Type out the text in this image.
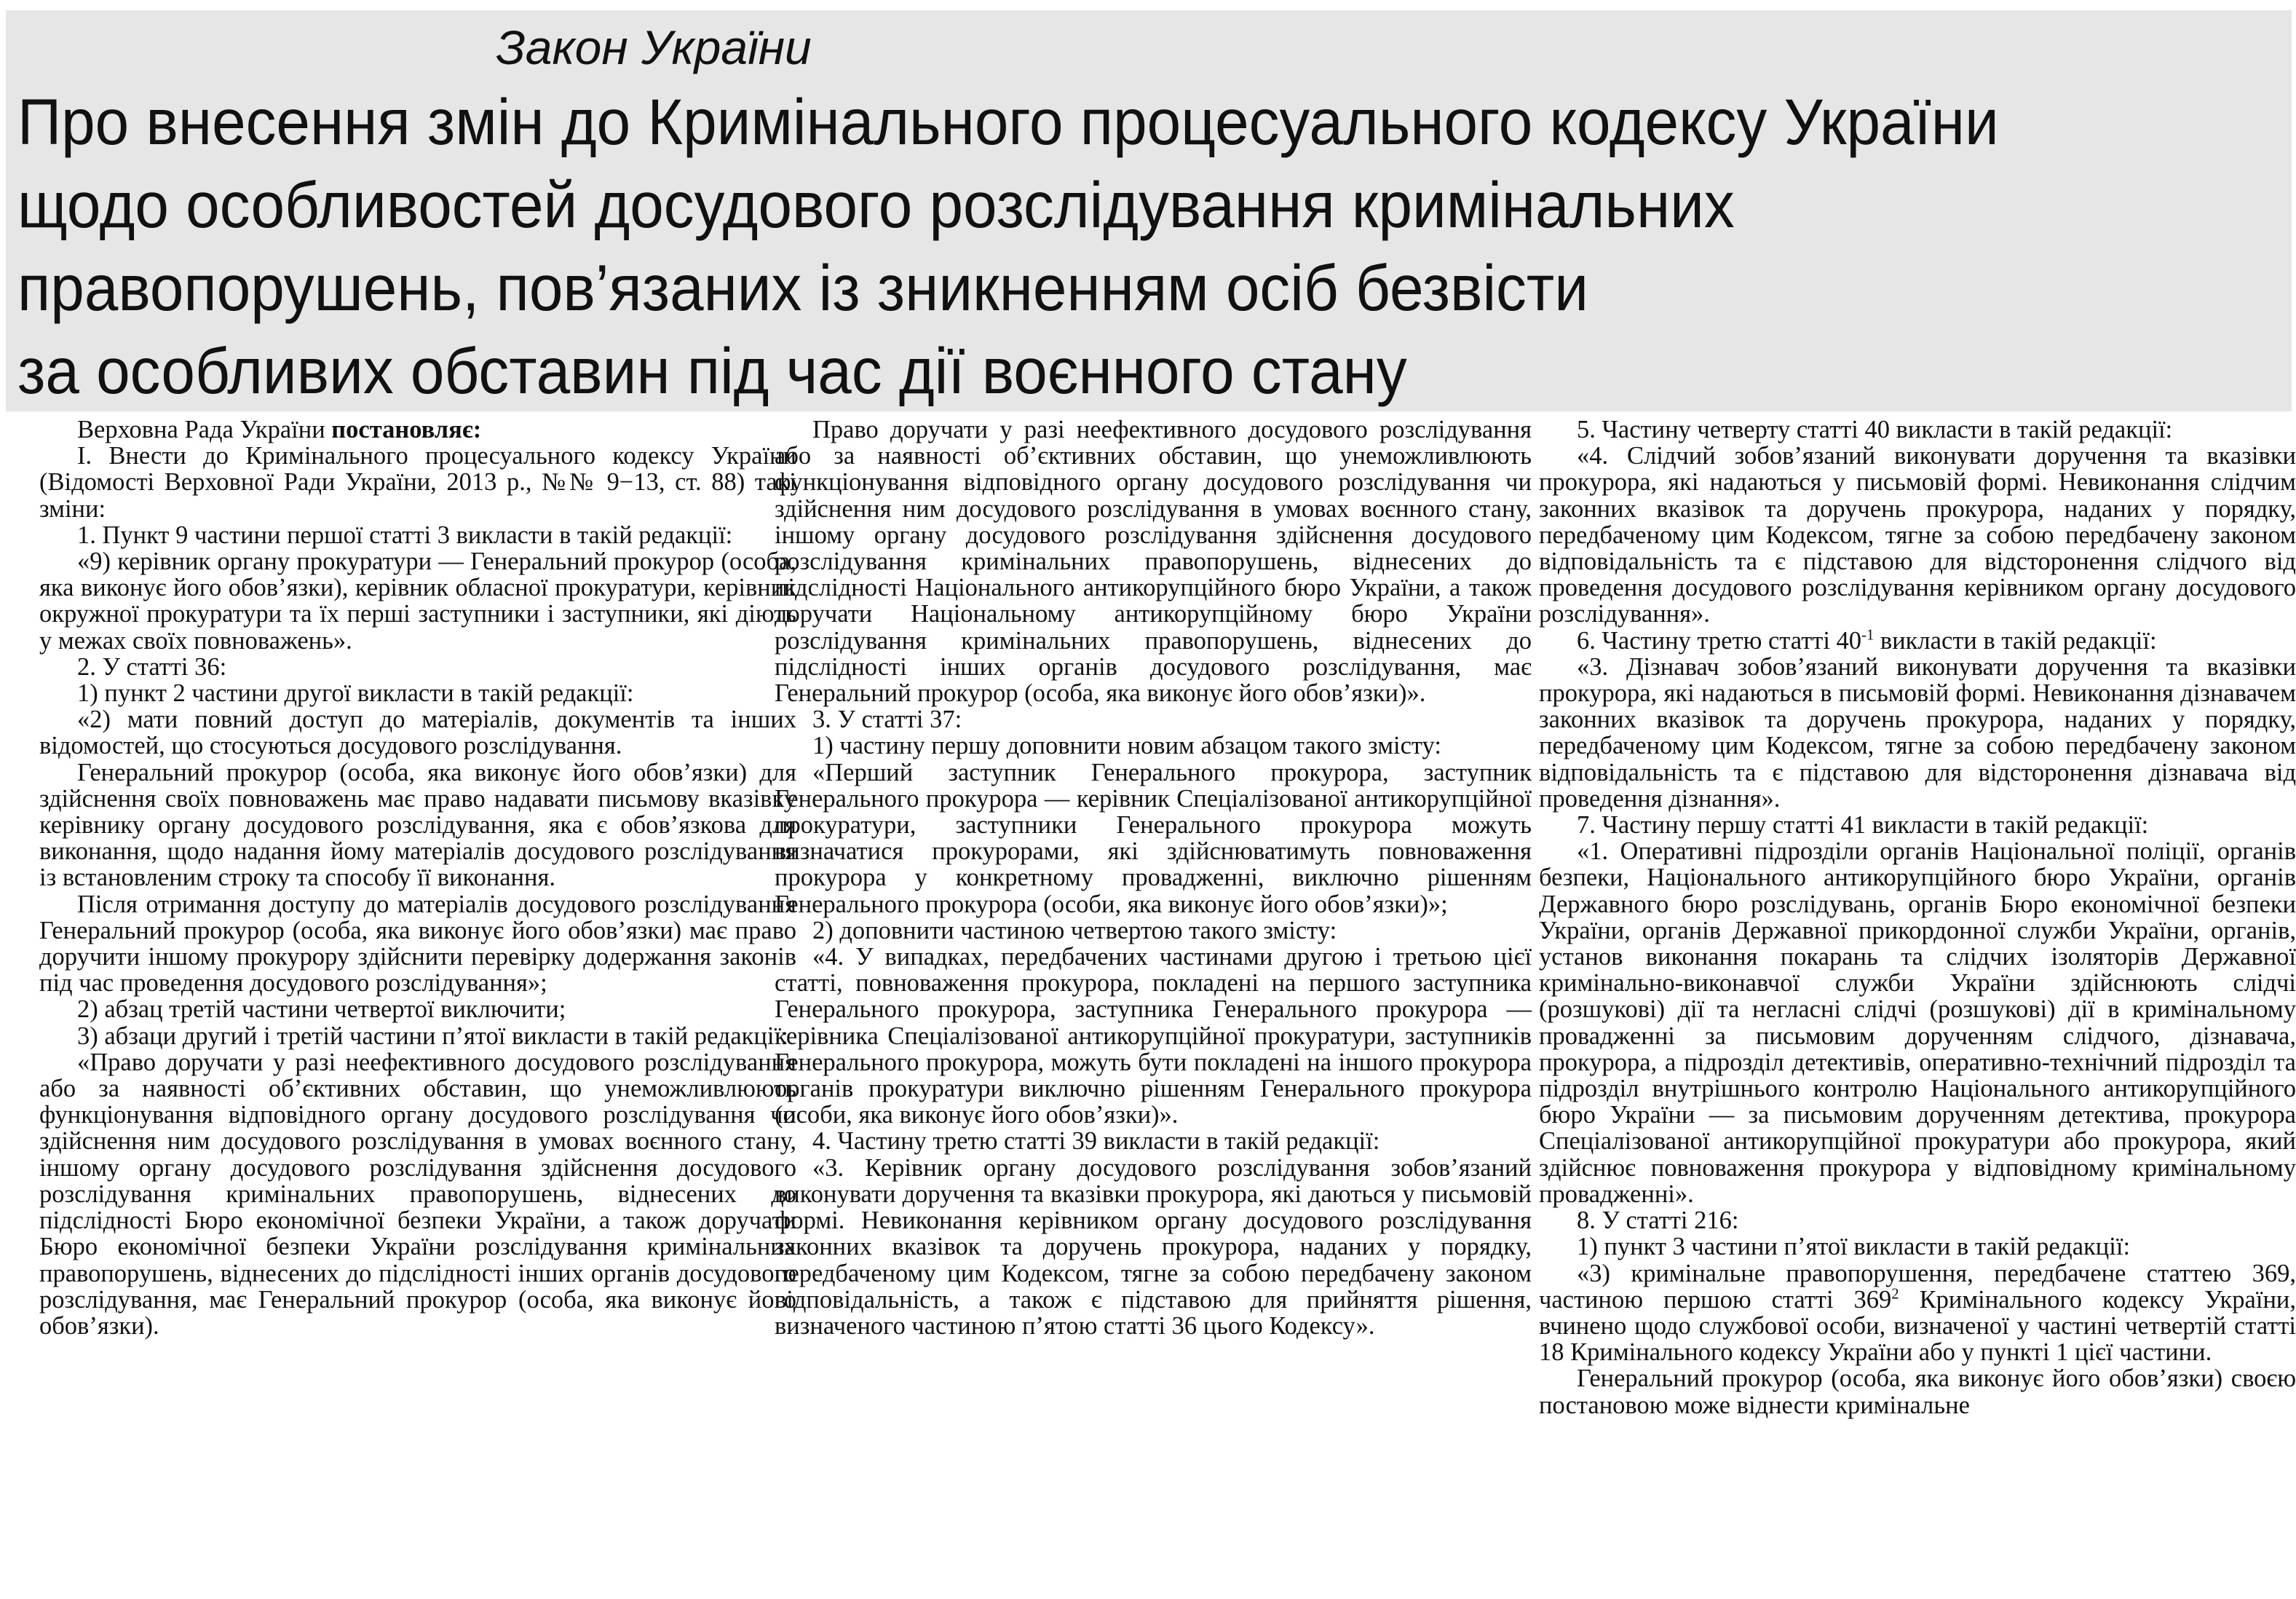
Закон України
Про внесення змін до Кримінального процесуального кодексу України
щодо особливостей досудового розслідування кримінальних
правопорушень, пов’язаних із зникненням осіб безвісти
за особливих обставин під час дії воєнного стану

Верховна Рада України постановляє:

I. Внести до Кримінального процесуального кодексу України (Відомості Верховної Ради України, 2013 р., №№ 9−13, ст. 88) такі зміни:

1. Пункт 9 частини першої статті 3 викласти в такій редакції:

«9) керівник органу прокуратури — Генеральний прокурор (особа, яка виконує його обов’язки), керівник обласної прокуратури, керівник окружної прокуратури та їх перші заступники і заступники, які діють у межах своїх повноважень».

2. У статті 36:

1) пункт 2 частини другої викласти в такій редакції:

«2) мати повний доступ до матеріалів, документів та інших відомостей, що стосуються досудового розслідування.

Генеральний прокурор (особа, яка виконує його обов’язки) для здійснення своїх повноважень має право надавати письмову вказівку керівнику органу досудового розслідування, яка є обов’язкова для виконання, щодо надання йому матеріалів досудового розслідування із встановленим строку та способу її виконання.

Після отримання доступу до матеріалів досудового розслідування Генеральний прокурор (особа, яка виконує його обов’язки) має право доручити іншому прокурору здійснити перевірку додержання законів під час проведення досудового розслідування»;

2) абзац третій частини четвертої виключити;

3) абзаци другий і третій частини п’ятої викласти в такій редакції:

«Право доручати у разі неефективного досудового розслідування або за наявності об’єктивних обставин, що унеможливлюють функціонування відповідного органу досудового розслідування чи здійснення ним досудового розслідування в умовах воєнного стану, іншому органу досудового розслідування здійснення досудового розслідування кримінальних правопорушень, віднесених до підслідності Бюро економічної безпеки України, а також доручати Бюро економічної безпеки України розслідування кримінальних правопорушень, віднесених до підслідності інших органів досудового розслідування, має Генеральний прокурор (особа, яка виконує його обов’язки).

Право доручати у разі неефективного досудового розслідування або за наявності об’єктивних обставин, що унеможливлюють функціонування відповідного органу досудового розслідування чи здійснення ним досудового розслідування в умовах воєнного стану, іншому органу досудового розслідування здійснення досудового розслідування кримінальних правопорушень, віднесених до підслідності Національного антикорупційного бюро України, а також доручати Національному антикорупційному бюро України розслідування кримінальних правопорушень, віднесених до підслідності інших органів досудового розслідування, має Генеральний прокурор (особа, яка виконує його обов’язки)».

3. У статті 37:

1) частину першу доповнити новим абзацом такого змісту:

«Перший заступник Генерального прокурора, заступник Генерального прокурора — керівник Спеціалізованої антикорупційної прокуратури, заступники Генерального прокурора можуть визначатися прокурорами, які здійснюватимуть повноваження прокурора у конкретному провадженні, виключно рішенням Генерального прокурора (особи, яка виконує його обов’язки)»;

2) доповнити частиною четвертою такого змісту:

«4. У випадках, передбачених частинами другою і третьою цієї статті, повноваження прокурора, покладені на першого заступника Генерального прокурора, заступника Генерального прокурора — керівника Спеціалізованої антикорупційної прокуратури, заступників Генерального прокурора, можуть бути покладені на іншого прокурора органів прокуратури виключно рішенням Генерального прокурора (особи, яка виконує його обов’язки)».

4. Частину третю статті 39 викласти в такій редакції:

«3. Керівник органу досудового розслідування зобов’язаний виконувати доручення та вказівки прокурора, які даються у письмовій формі. Невиконання керівником органу досудового розслідування законних вказівок та доручень прокурора, наданих у порядку, передбаченому цим Кодексом, тягне за собою передбачену законом відповідальність, а також є підставою для прийняття рішення, визначеного частиною п’ятою статті 36 цього Кодексу».

5. Частину четверту статті 40 викласти в такій редакції:

«4. Слідчий зобов’язаний виконувати доручення та вказівки прокурора, які надаються у письмовій формі. Невиконання слідчим законних вказівок та доручень прокурора, наданих у порядку, передбаченому цим Кодексом, тягне за собою передбачену законом відповідальність та є підставою для відсторонення слідчого від проведення досудового розслідування керівником органу досудового розслідування».

6. Частину третю статті $40^{-1}$ викласти в такій редакції:

«3. Дізнавач зобов’язаний виконувати доручення та вказівки прокурора, які надаються в письмовій формі. Невиконання дізнавачем законних вказівок та доручень прокурора, наданих у порядку, передбаченому цим Кодексом, тягне за собою передбачену законом відповідальність та є підставою для відсторонення дізнавача від проведення дізнання».

7. Частину першу статті 41 викласти в такій редакції:

«1. Оперативні підрозділи органів Національної поліції, органів безпеки, Національного антикорупційного бюро України, органів Державного бюро розслідувань, органів Бюро економічної безпеки України, органів Державної прикордонної служби України, органів, установ виконання покарань та слідчих ізоляторів Державної кримінально-виконавчої служби України здійснюють слідчі (розшукові) дії та негласні слідчі (розшукові) дії в кримінальному провадженні за письмовим дорученням слідчого, дізнавача, прокурора, а підрозділ детективів, оперативно-технічний підрозділ та підрозділ внутрішнього контролю Національного антикорупційного бюро України — за письмовим дорученням детектива, прокурора Спеціалізованої антикорупційної прокуратури або прокурора, який здійснює повноваження прокурора у відповідному кримінальному провадженні».

8. У статті 216:

1) пункт 3 частини п’ятої викласти в такій редакції:

«3) кримінальне правопорушення, передбачене статтею 369, частиною першою статті $369^2$ Кримінального кодексу України, вчинено щодо службової особи, визначеної у частині четвертій статті 18 Кримінального кодексу України або у пункті 1 цієї частини.

Генеральний прокурор (особа, яка виконує його обов’язки) своєю постановою може віднести кримінальне
